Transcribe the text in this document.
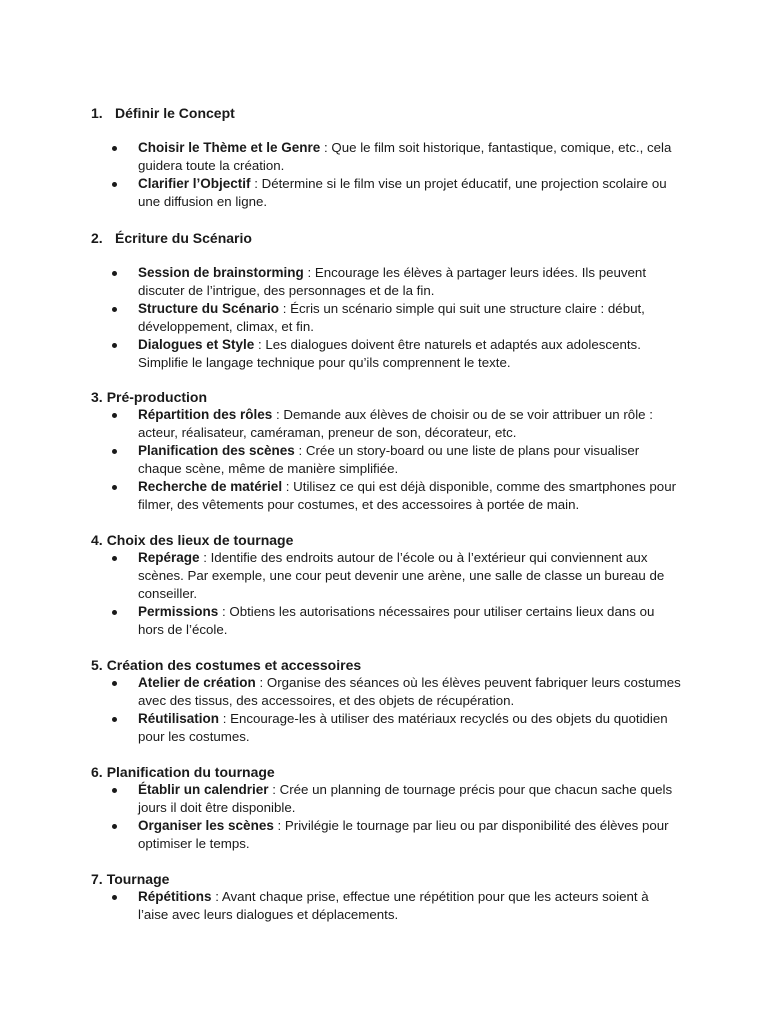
1. Définir le Concept
Choisir le Thème et le Genre : Que le film soit historique, fantastique, comique, etc., cela guidera toute la création.
Clarifier l’Objectif : Détermine si le film vise un projet éducatif, une projection scolaire ou une diffusion en ligne.
2. Écriture du Scénario
Session de brainstorming : Encourage les élèves à partager leurs idées. Ils peuvent discuter de l’intrigue, des personnages et de la fin.
Structure du Scénario : Écris un scénario simple qui suit une structure claire : début, développement, climax, et fin.
Dialogues et Style : Les dialogues doivent être naturels et adaptés aux adolescents. Simplifie le langage technique pour qu’ils comprennent le texte.
3. Pré-production
Répartition des rôles : Demande aux élèves de choisir ou de se voir attribuer un rôle : acteur, réalisateur, caméraman, preneur de son, décorateur, etc.
Planification des scènes : Crée un story-board ou une liste de plans pour visualiser chaque scène, même de manière simplifiée.
Recherche de matériel : Utilisez ce qui est déjà disponible, comme des smartphones pour filmer, des vêtements pour costumes, et des accessoires à portée de main.
4. Choix des lieux de tournage
Repérage : Identifie des endroits autour de l’école ou à l’extérieur qui conviennent aux scènes. Par exemple, une cour peut devenir une arène, une salle de classe un bureau de conseiller.
Permissions : Obtiens les autorisations nécessaires pour utiliser certains lieux dans ou hors de l’école.
5. Création des costumes et accessoires
Atelier de création : Organise des séances où les élèves peuvent fabriquer leurs costumes avec des tissus, des accessoires, et des objets de récupération.
Réutilisation : Encourage-les à utiliser des matériaux recyclés ou des objets du quotidien pour les costumes.
6. Planification du tournage
Établir un calendrier : Crée un planning de tournage précis pour que chacun sache quels jours il doit être disponible.
Organiser les scènes : Privilégie le tournage par lieu ou par disponibilité des élèves pour optimiser le temps.
7. Tournage
Répétitions : Avant chaque prise, effectue une répétition pour que les acteurs soient à l’aise avec leurs dialogues et déplacements.
